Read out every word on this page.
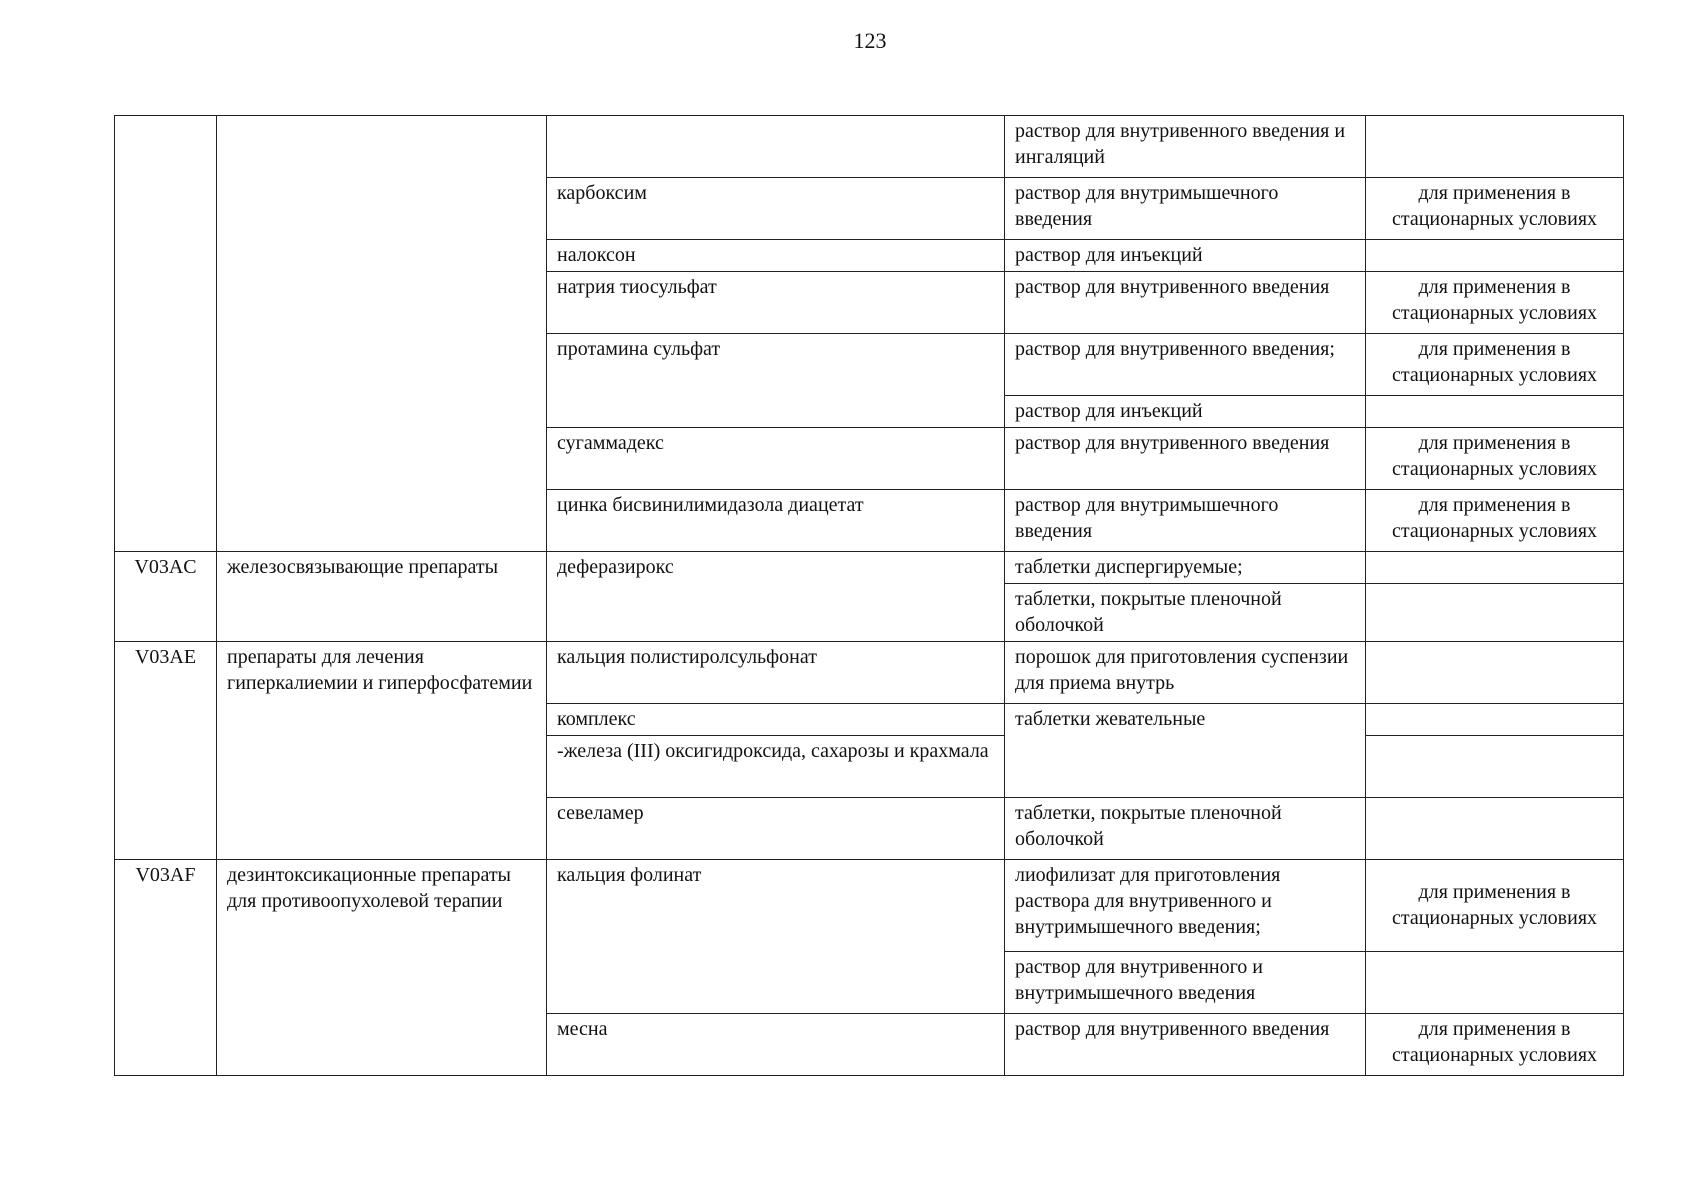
123
			раствор для внутривенного введения и ингаляций	
		карбоксим	раствор для внутримышечного введения	для применения в стационарных условиях
		налоксон	раствор для инъекций	
		натрия тиосульфат	раствор для внутривенного введения	для применения в стационарных условиях
		протамина сульфат	раствор для внутривенного введения;	для применения в стационарных условиях
			раствор для инъекций	
		сугаммадекс	раствор для внутривенного введения	для применения в стационарных условиях
		цинка бисвинилимидазола диацетат	раствор для внутримышечного введения	для применения в стационарных условиях
V03AC	железосвязывающие препараты	деферазирокс	таблетки диспергируемые;	
			таблетки, покрытые пленочной оболочкой	
V03AE	препараты для лечения гиперкалиемии и гиперфосфатемии	кальция полистиролсульфонат	порошок для приготовления суспензии для приема внутрь	
		комплекс	таблетки жевательные	
		-железа (III) оксигидроксида, сахарозы и крахмала		
		севеламер	таблетки, покрытые пленочной оболочкой	
V03AF	дезинтоксикационные препараты для противоопухолевой терапии	кальция фолинат	лиофилизат для приготовления раствора для внутривенного и внутримышечного введения;	для применения в стационарных условиях
			раствор для внутривенного и внутримышечного введения	
		месна	раствор для внутривенного введения	для применения в стационарных условиях
